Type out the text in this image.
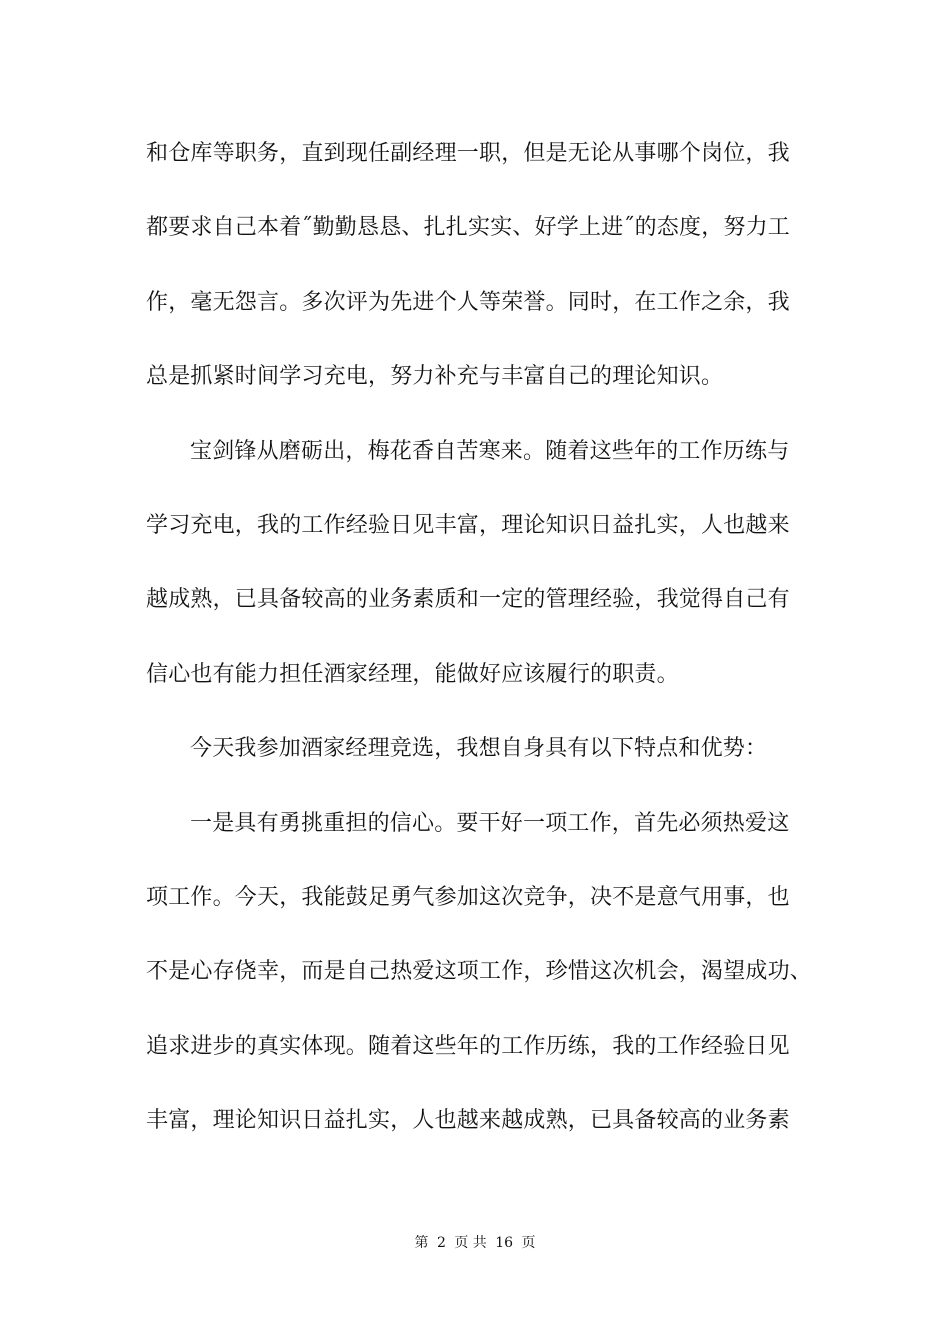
和仓库等职务，直到现任副经理一职，但是无论从事哪个岗位，我
都要求自己本着˝勤勤恳恳、扎扎实实、好学上进˝的态度，努力工
作，毫无怨言。多次评为先进个人等荣誉。同时，在工作之余，我
总是抓紧时间学习充电，努力补充与丰富自己的理论知识。
宝剑锋从磨砺出，梅花香自苦寒来。随着这些年的工作历练与
学习充电，我的工作经验日见丰富，理论知识日益扎实，人也越来
越成熟，已具备较高的业务素质和一定的管理经验，我觉得自己有
信心也有能力担任酒家经理，能做好应该履行的职责。
今天我参加酒家经理竞选，我想自身具有以下特点和优势：
一是具有勇挑重担的信心。要干好一项工作，首先必须热爱这
项工作。今天，我能鼓足勇气参加这次竞争，决不是意气用事，也
不是心存侥幸，而是自己热爱这项工作，珍惜这次机会，渴望成功、
追求进步的真实体现。随着这些年的工作历练，我的工作经验日见
丰富，理论知识日益扎实，人也越来越成熟，已具备较高的业务素
第 2 页 共 16 页
